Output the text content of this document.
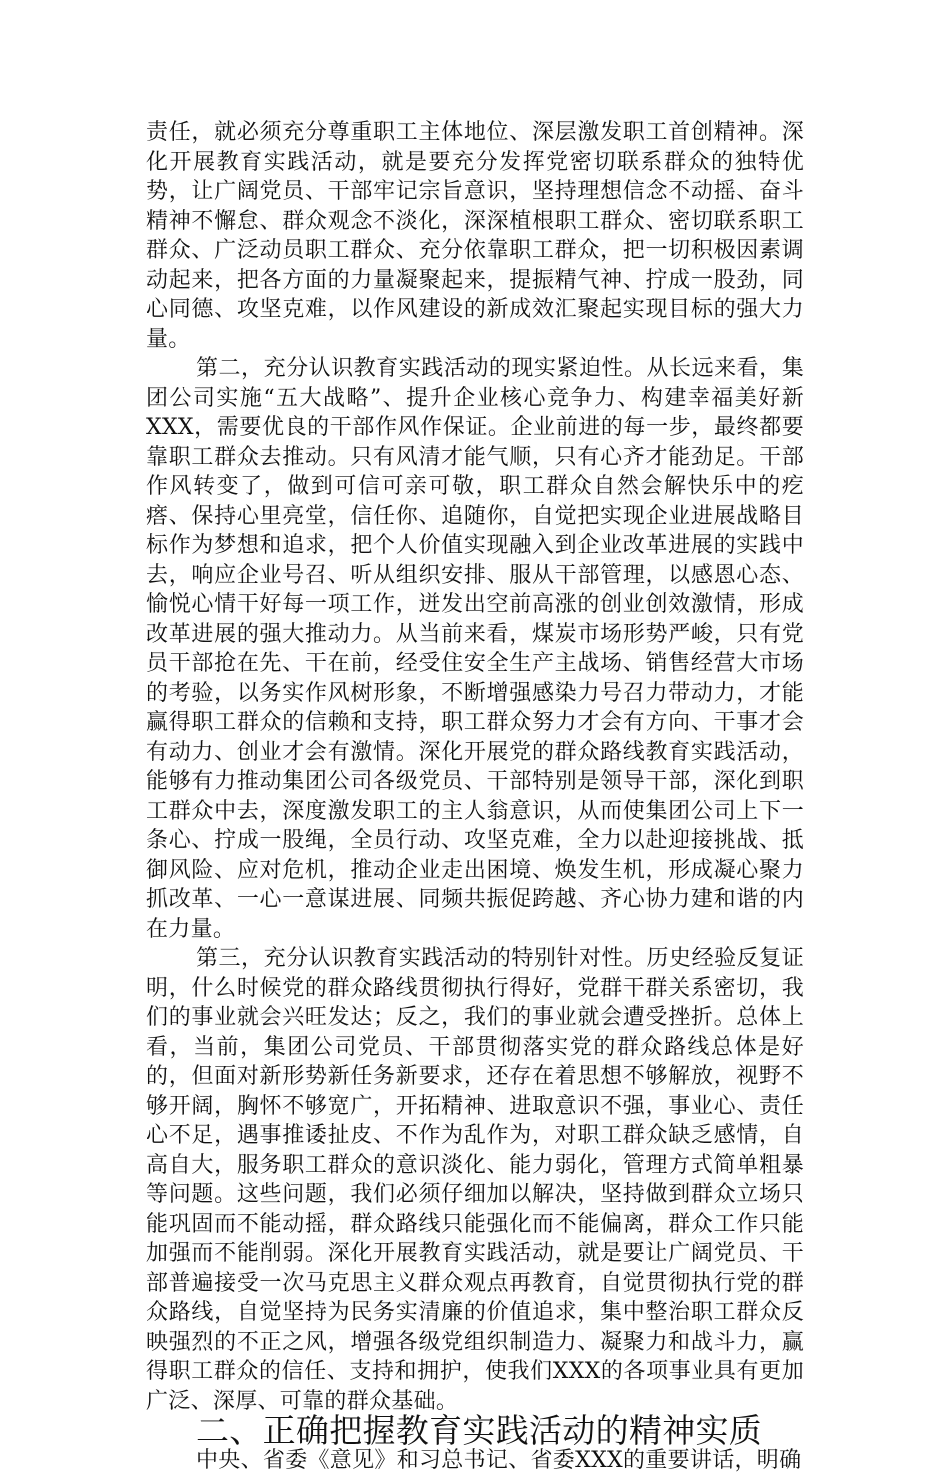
责任，就必须充分尊重职工主体地位、深层激发职工首创精神。深化开展教育实践活动，就是要充分发挥党密切联系群众的独特优势，让广阔党员、干部牢记宗旨意识，坚持理想信念不动摇、奋斗精神不懈怠、群众观念不淡化，深深植根职工群众、密切联系职工群众、广泛动员职工群众、充分依靠职工群众，把一切积极因素调动起来，把各方面的力量凝聚起来，提振精气神、拧成一股劲，同心同德、攻坚克难，以作风建设的新成效汇聚起实现目标的强大力量。

第二，充分认识教育实践活动的现实紧迫性。从长远来看，集团公司实施“五大战略”、提升企业核心竞争力、构建幸福美好新XXX，需要优良的干部作风作保证。企业前进的每一步，最终都要靠职工群众去推动。只有风清才能气顺，只有心齐才能劲足。干部作风转变了，做到可信可亲可敬，职工群众自然会解快乐中的疙瘩、保持心里亮堂，信任你、追随你，自觉把实现企业进展战略目标作为梦想和追求，把个人价值实现融入到企业改革进展的实践中去，响应企业号召、听从组织安排、服从干部管理，以感恩心态、愉悦心情干好每一项工作，迸发出空前高涨的创业创效激情，形成改革进展的强大推动力。从当前来看，煤炭市场形势严峻，只有党员干部抢在先、干在前，经受住安全生产主战场、销售经营大市场的考验，以务实作风树形象，不断增强感染力号召力带动力，才能赢得职工群众的信赖和支持，职工群众努力才会有方向、干事才会有动力、创业才会有激情。深化开展党的群众路线教育实践活动，能够有力推动集团公司各级党员、干部特别是领导干部，深化到职工群众中去，深度激发职工的主人翁意识，从而使集团公司上下一条心、拧成一股绳，全员行动、攻坚克难，全力以赴迎接挑战、抵御风险、应对危机，推动企业走出困境、焕发生机，形成凝心聚力抓改革、一心一意谋进展、同频共振促跨越、齐心协力建和谐的内在力量。

第三，充分认识教育实践活动的特别针对性。历史经验反复证明，什么时候党的群众路线贯彻执行得好，党群干群关系密切，我们的事业就会兴旺发达；反之，我们的事业就会遭受挫折。总体上看，当前，集团公司党员、干部贯彻落实党的群众路线总体是好的，但面对新形势新任务新要求，还存在着思想不够解放，视野不够开阔，胸怀不够宽广，开拓精神、进取意识不强，事业心、责任心不足，遇事推诿扯皮、不作为乱作为，对职工群众缺乏感情，自高自大，服务职工群众的意识淡化、能力弱化，管理方式简单粗暴等问题。这些问题，我们必须仔细加以解决，坚持做到群众立场只能巩固而不能动摇，群众路线只能强化而不能偏离，群众工作只能加强而不能削弱。深化开展教育实践活动，就是要让广阔党员、干部普遍接受一次马克思主义群众观点再教育，自觉贯彻执行党的群众路线，自觉坚持为民务实清廉的价值追求，集中整治职工群众反映强烈的不正之风，增强各级党组织制造力、凝聚力和战斗力，赢得职工群众的信任、支持和拥护，使我们XXX的各项事业具有更加广泛、深厚、可靠的群众基础。

二、正确把握教育实践活动的精神实质

中央、省委《意见》和习总书记、省委XXX的重要讲话，明确
